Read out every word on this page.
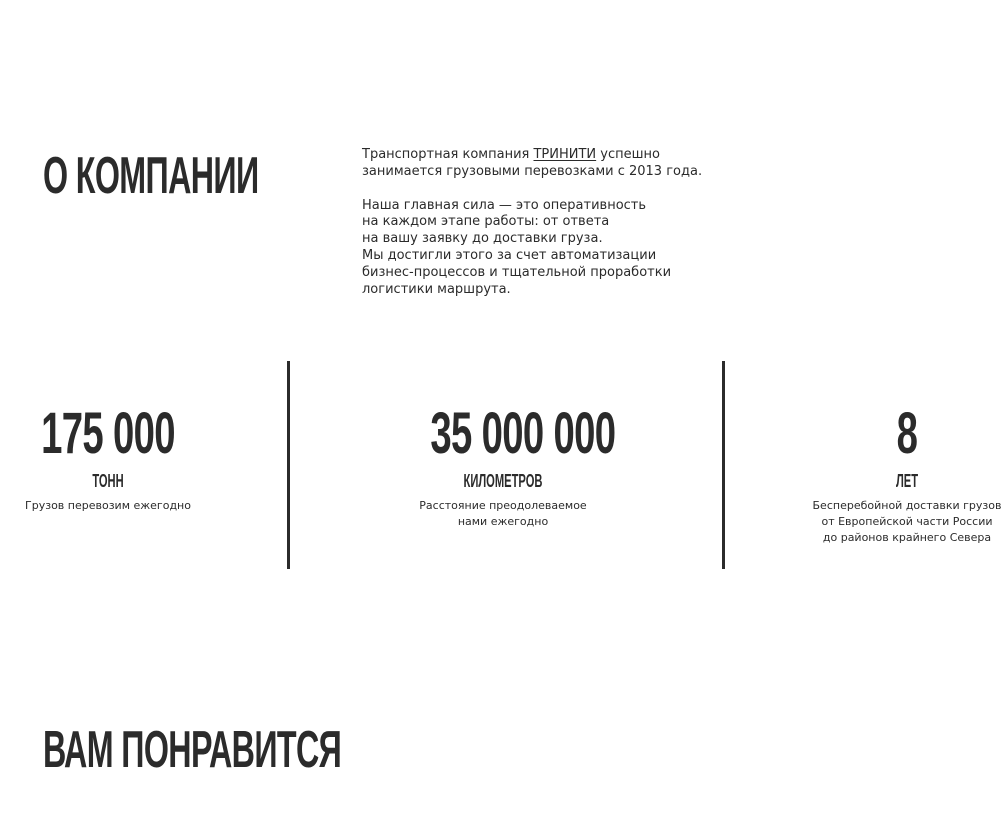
О КОМПАНИИ	Транспортная компания ТРИНИТИ успешно
занимается грузовыми перевозками с 2013 года.

Наша главная сила — это оперативность
на каждом этапе работы: от ответа
на вашу заявку до доставки груза.
Мы достигли этого за счет автоматизации
бизнес-процессов и тщательной проработки
логистики маршрута.

175 000
ТОНН
Грузов перевозим ежегодно
35 000 000
КИЛОМЕТРОВ
Расстояние преодолеваемое
нами ежегодно
8
ЛЕТ
Бесперебойной доставки грузов
от Европейской части России
до районов крайнего Севера
ВАМ ПОНРАВИТСЯ
